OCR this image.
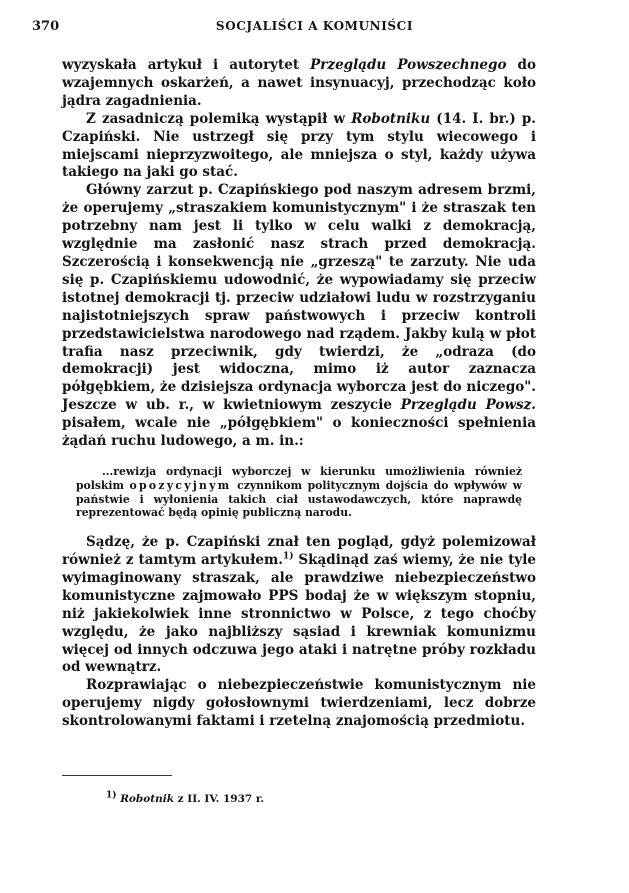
370	SOCJALIŚCI A KOMUNIŚCI

wyzyskała artykuł i autorytet Przeglądu Powszechnego do wzajemnych oskarżeń, a nawet insynuacyj, przechodząc koło jądra zagadnienia.

Z zasadniczą polemiką wystąpił w Robotniku (14. I. br.) p. Czapiński. Nie ustrzegł się przy tym stylu wiecowego i miejscami nieprzyzwoitego, ale mniejsza o styl, każdy używa takiego na jaki go stać.

Główny zarzut p. Czapińskiego pod naszym adresem brzmi, że operujemy „straszakiem komunistycznym" i że straszak ten potrzebny nam jest li tylko w celu walki z demokracją, względnie ma zasłonić nasz strach przed demokracją. Szczerością i konsekwencją nie „grzeszą" te zarzuty. Nie uda się p. Czapińskiemu udowodnić, że wypowiadamy się przeciw istotnej demokracji tj. przeciw udziałowi ludu w rozstrzyganiu najistotniejszych spraw państwowych i przeciw kontroli przedstawicielstwa narodowego nad rządem. Jakby kulą w płot trafia nasz przeciwnik, gdy twierdzi, że „odraza (do demokracji) jest widoczna, mimo iż autor zaznacza półgębkiem, że dzisiejsza ordynacja wyborcza jest do niczego". Jeszcze w ub. r., w kwietniowym zeszycie Przeglądu Powsz. pisałem, wcale nie „półgębkiem" o konieczności spełnienia żądań ruchu ludowego, a m. in.:

...rewizja ordynacji wyborczej w kierunku umożliwienia również polskim opozycyjnym czynnikom politycznym dojścia do wpływów w państwie i wyłonienia takich ciał ustawodawczych, które naprawdę reprezentować będą opinię publiczną narodu.

Sądzę, że p. Czapiński znał ten pogląd, gdyż polemizował również z tamtym artykułem.$^{1)}$ Skądinąd zaś wiemy, że nie tyle wyimaginowany straszak, ale prawdziwe niebezpieczeństwo komunistyczne zajmowało PPS bodaj że w większym stopniu, niż jakiekolwiek inne stronnictwo w Polsce, z tego choćby względu, że jako najbliższy sąsiad i krewniak komunizmu więcej od innych odczuwa jego ataki i natrętne próby rozkładu od wewnątrz.

Rozprawiając o niebezpieczeństwie komunistycznym nie operujemy nigdy gołosłownymi twierdzeniami, lecz dobrze skontrolowanymi faktami i rzetelną znajomością przedmiotu.

$^{1)}$ Robotnik z II. IV. 1937 r.
